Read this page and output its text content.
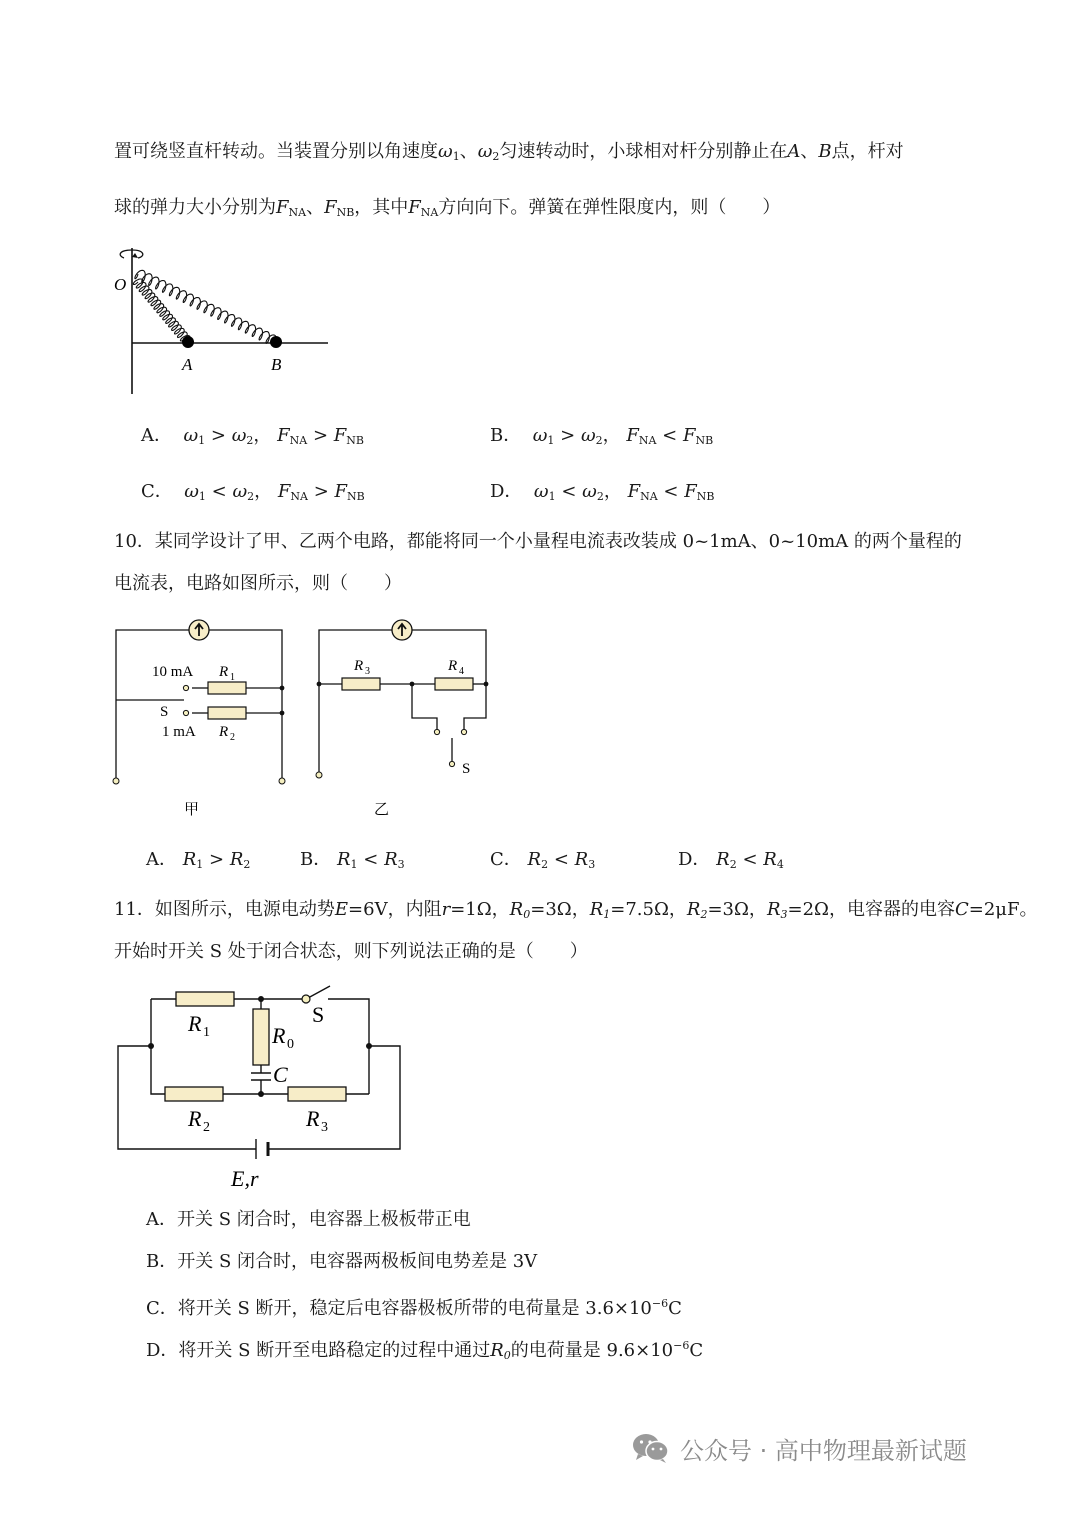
置可绕竖直杆转动。当装置分别以角速度$\omega_1$、$\omega_2$匀速转动时，小球相对杆分别静止在A、B点，杆对
球的弹力大小分别为$F_{NA}$、$F_{NB}$，其中$F_{NA}$方向向下。弹簧在弹性限度内，则（　　）
O
A	B
A． $\omega_1 > \omega_2$， $F_{NA} > F_{NB}$	B． $\omega_1 > \omega_2$， $F_{NA} < F_{NB}$
C． $\omega_1 < \omega_2$， $F_{NA} > F_{NB}$	D． $\omega_1 < \omega_2$， $F_{NA} < F_{NB}$
10．某同学设计了甲、乙两个电路，都能将同一个小量程电流表改装成 0~1mA、0~10mA 的两个量程的
电流表，电路如图所示，则（　　）
10 mA
S
1 mA
R 1
R 2
甲
R 3	R 4
S
乙
A． $R_1 > R_2$	B． $R_1 < R_3$	C． $R_2 < R_3$	D． $R_2 < R_4$
11．如图所示，电源电动势E=6V，内阻r=1Ω，$R_0=3\Omega$，$R_1=7.5\Omega$，$R_2=3\Omega$，$R_3=2\Omega$，电容器的电容C=2μF。
开始时开关 S 处于闭合状态，则下列说法正确的是（　　）
R 1	R 0
R 2	R 3
S
C
E,r
A．开关 S 闭合时，电容器上极板带正电
B．开关 S 闭合时，电容器两极板间电势差是 3V
C．将开关 S 断开，稳定后电容器极板所带的电荷量是 $3.6\times 10^{-6}C$
D．将开关 S 断开至电路稳定的过程中通过$R_0$的电荷量是 $9.6\times 10^{-6}C$
公众号 · 高中物理最新试题
